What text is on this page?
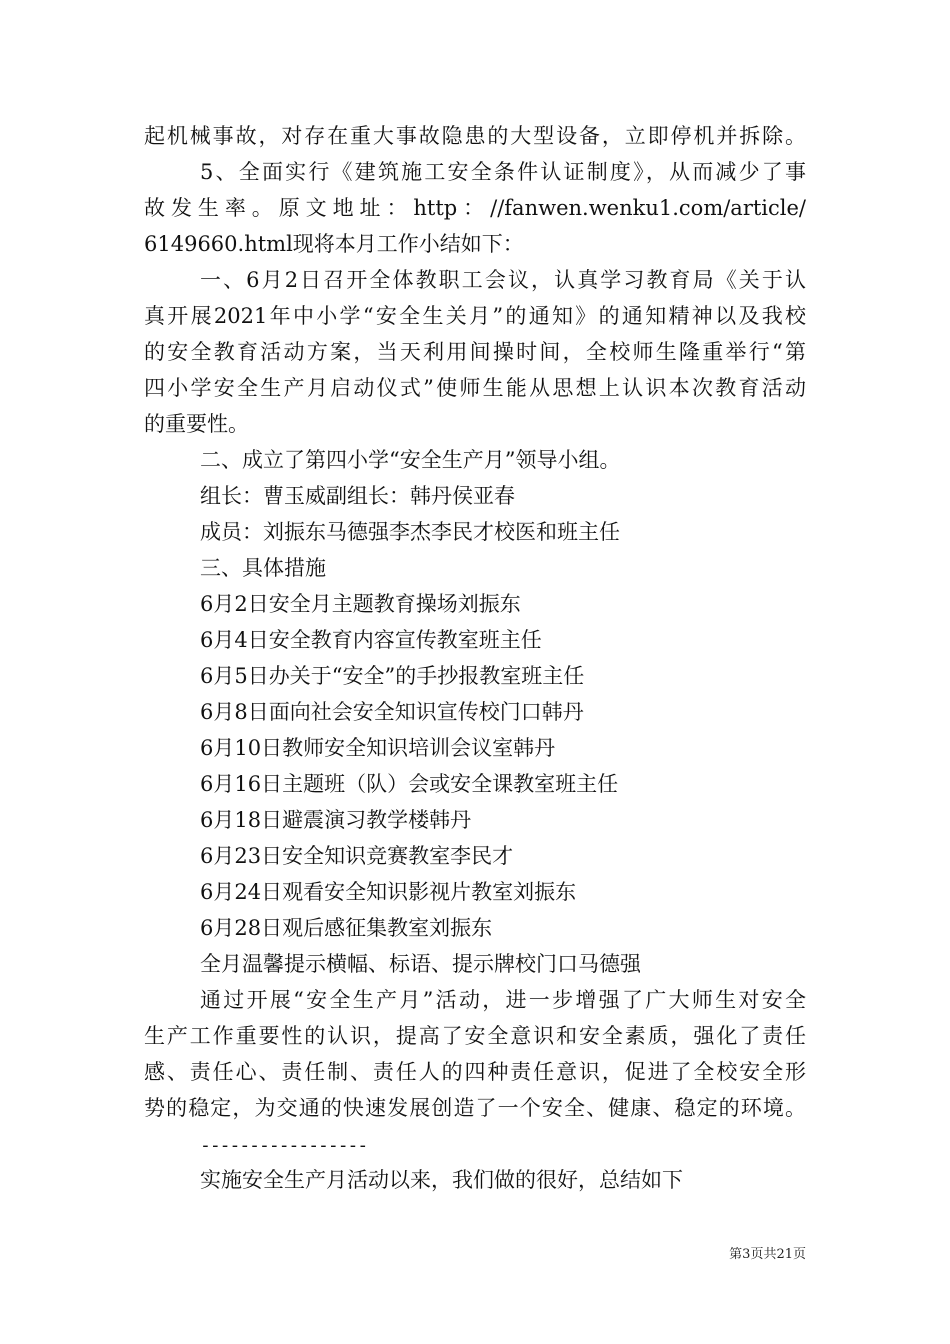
起机械事故，对存在重大事故隐患的大型设备，立即停机并拆除。
5、全面实行《建筑施工安全条件认证制度》，从而减少了事
故发生率。原文地址：http：//fanwen.wenku1.com/article/
6149660.html现将本月工作小结如下：
一、6月2日召开全体教职工会议，认真学习教育局《关于认
真开展2021年中小学“安全生关月”的通知》的通知精神以及我校
的安全教育活动方案，当天利用间操时间，全校师生隆重举行“第
四小学安全生产月启动仪式”使师生能从思想上认识本次教育活动
的重要性。
二、成立了第四小学“安全生产月”领导小组。
组长：曹玉威副组长：韩丹侯亚春
成员：刘振东马德强李杰李民才校医和班主任
三、具体措施
6月2日安全月主题教育操场刘振东
6月4日安全教育内容宣传教室班主任
6月5日办关于“安全”的手抄报教室班主任
6月8日面向社会安全知识宣传校门口韩丹
6月10日教师安全知识培训会议室韩丹
6月16日主题班（队）会或安全课教室班主任
6月18日避震演习教学楼韩丹
6月23日安全知识竞赛教室李民才
6月24日观看安全知识影视片教室刘振东
6月28日观后感征集教室刘振东
全月温馨提示横幅、标语、提示牌校门口马德强
通过开展“安全生产月”活动，进一步增强了广大师生对安全
生产工作重要性的认识，提高了安全意识和安全素质，强化了责任
感、责任心、责任制、责任人的四种责任意识，促进了全校安全形
势的稳定，为交通的快速发展创造了一个安全、健康、稳定的环境。
-----------------
实施安全生产月活动以来，我们做的很好，总结如下
第3页共21页
